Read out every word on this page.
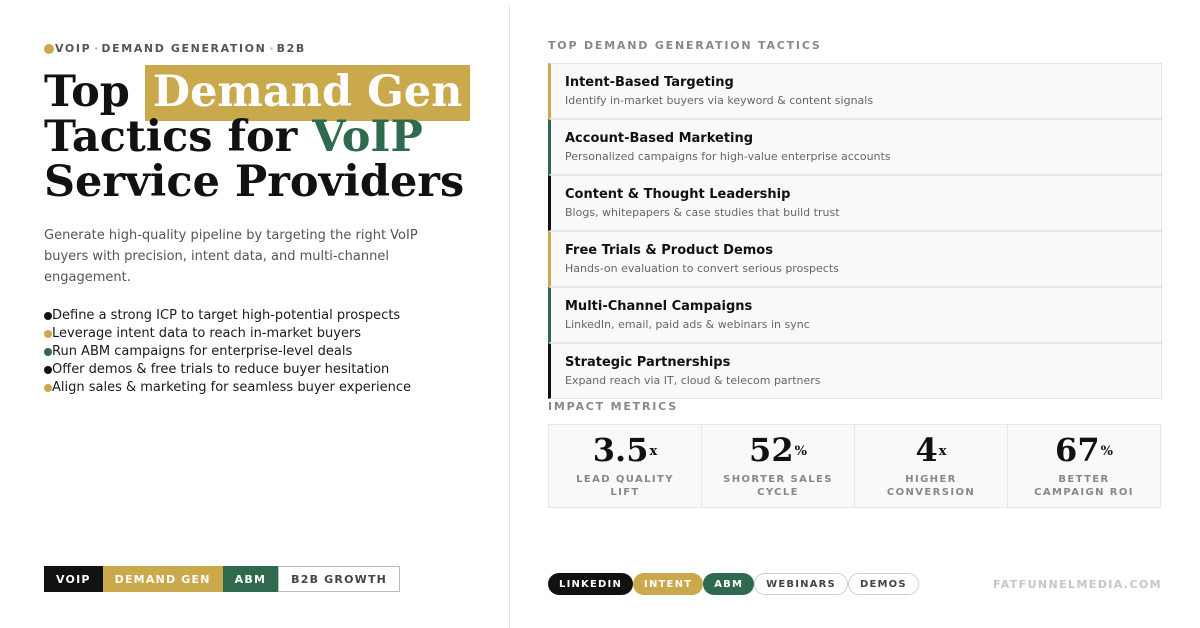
VOIP · DEMAND GENERATION · B2B
Top Demand Gen
Tactics for VoIP
Service Providers

Generate high-quality pipeline by targeting the right VoIP buyers with precision, intent data, and multi-channel engagement.

Define a strong ICP to target high-potential prospects
Leverage intent data to reach in-market buyers
Run ABM campaigns for enterprise-level deals
Offer demos & free trials to reduce buyer hesitation
Align sales & marketing for seamless buyer experience
VOIP	DEMAND GEN	ABM	B2B GROWTH
TOP DEMAND GENERATION TACTICS
Intent-Based Targeting
Identify in-market buyers via keyword & content signals
Account-Based Marketing
Personalized campaigns for high-value enterprise accounts
Content & Thought Leadership
Blogs, whitepapers & case studies that build trust
Free Trials & Product Demos
Hands-on evaluation to convert serious prospects
Multi-Channel Campaigns
LinkedIn, email, paid ads & webinars in sync
Strategic Partnerships
Expand reach via IT, cloud & telecom partners
IMPACT METRICS
3.5$^x$
LEAD QUALITY LIFT
52%
SHORTER SALES CYCLE
4$^x$
HIGHER CONVERSION
67%
BETTER CAMPAIGN ROI
LINKEDIN	INTENT	ABM	WEBINARS	DEMOS	FATFUNNELMEDIA.COM
